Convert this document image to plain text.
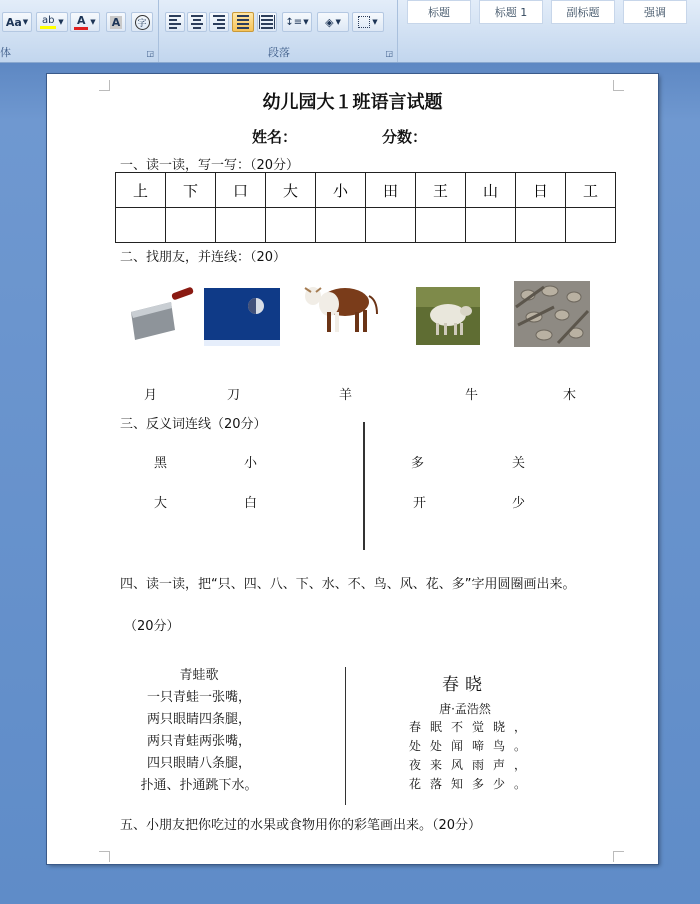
Aa ▼ ab ▼ A ▼ A	字
体	◲
↕≡ ▼ ◈ ▼	▼
段落	◲
标题	标题 1	副标题	强调
幼儿园大１班语言试题
姓名：	分数：
一、读一读，写一写：（20分）
上	下	口	大	小	田	王	山	日	工

二、找朋友，并连线：（20）
月	刀	羊	牛	木
三、反义词连线（20分）
黑	小
大	白
多	关
开	少
四、读一读，把“只、四、八、下、水、不、鸟、风、花、多”字用圆圈画出来。
（20分）
青蛙歌
一只青蛙一张嘴，
两只眼睛四条腿，
两只青蛙两张嘴，
四只眼睛八条腿，
扑通、扑通跳下水。
春晓
唐·孟浩然
春眠不觉晓，
处处闻啼鸟。
夜来风雨声，
花落知多少。
五、小朋友把你吃过的水果或食物用你的彩笔画出来。（20分）
